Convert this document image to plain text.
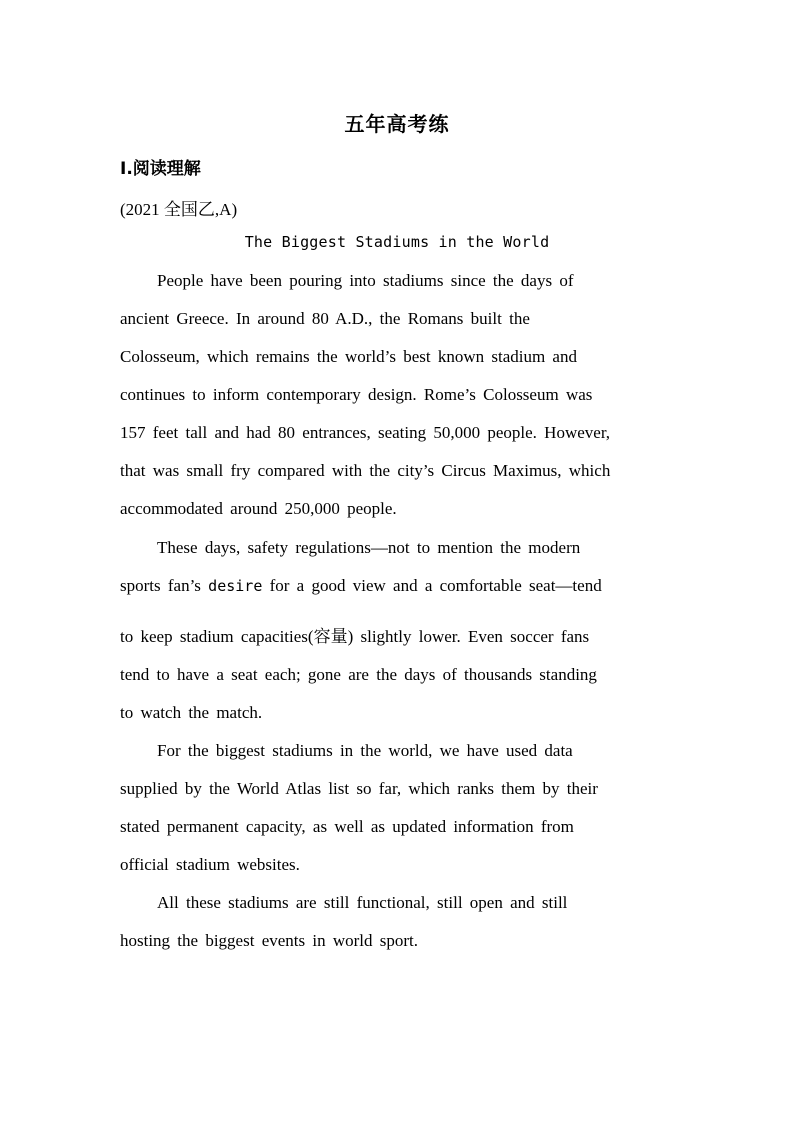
五年高考练
Ⅰ.阅读理解
(2021 全国乙,A)
The Biggest Stadiums in the World
People have been pouring into stadiums since the days of
ancient Greece. In around 80 A.D., the Romans built the
Colosseum, which remains the world’s best known stadium and
continues to inform contemporary design. Rome’s Colosseum was
157 feet tall and had 80 entrances, seating 50,000 people. However,
that was small fry compared with the city’s Circus Maximus, which
accommodated around 250,000 people.
These days, safety regulations—not to mention the modern
sports fan’s desire for a good view and a comfortable seat—tend
to keep stadium capacities(容量) slightly lower. Even soccer fans
tend to have a seat each; gone are the days of thousands standing
to watch the match.
For the biggest stadiums in the world, we have used data
supplied by the World Atlas list so far, which ranks them by their
stated permanent capacity, as well as updated information from
official stadium websites.
All these stadiums are still functional, still open and still
hosting the biggest events in world sport.
